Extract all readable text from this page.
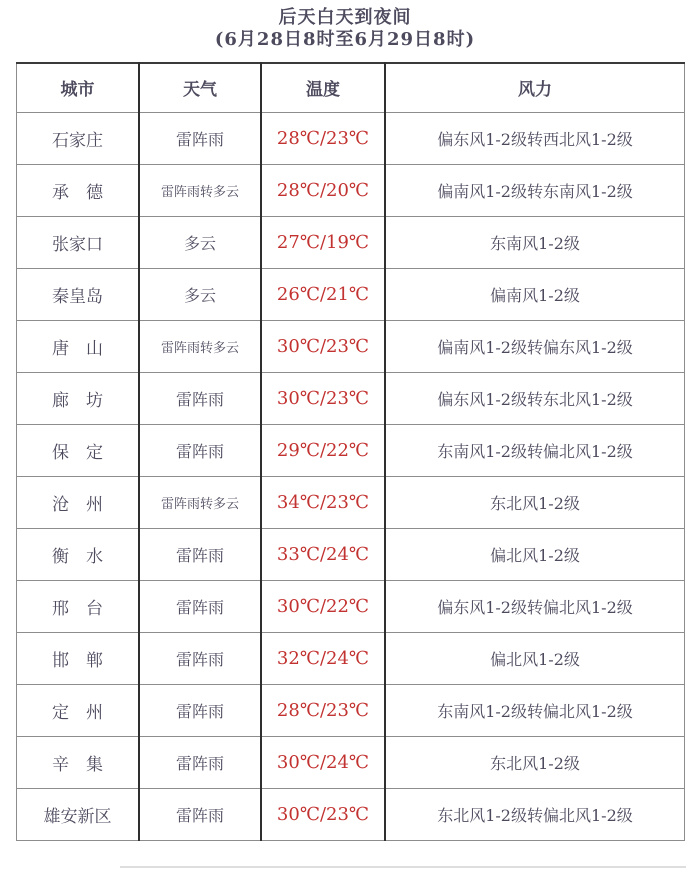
后天白天到夜间
(6月28日8时至6月29日8时)
城市	天气	温度	风力
石家庄	雷阵雨	28℃/23℃	偏东风1-2级转西北风1-2级
承　德	雷阵雨转多云	28℃/20℃	偏南风1-2级转东南风1-2级
张家口	多云	27℃/19℃	东南风1-2级
秦皇岛	多云	26℃/21℃	偏南风1-2级
唐　山	雷阵雨转多云	30℃/23℃	偏南风1-2级转偏东风1-2级
廊　坊	雷阵雨	30℃/23℃	偏东风1-2级转东北风1-2级
保　定	雷阵雨	29℃/22℃	东南风1-2级转偏北风1-2级
沧　州	雷阵雨转多云	34℃/23℃	东北风1-2级
衡　水	雷阵雨	33℃/24℃	偏北风1-2级
邢　台	雷阵雨	30℃/22℃	偏东风1-2级转偏北风1-2级
邯　郸	雷阵雨	32℃/24℃	偏北风1-2级
定　州	雷阵雨	28℃/23℃	东南风1-2级转偏北风1-2级
辛　集	雷阵雨	30℃/24℃	东北风1-2级
雄安新区	雷阵雨	30℃/23℃	东北风1-2级转偏北风1-2级
